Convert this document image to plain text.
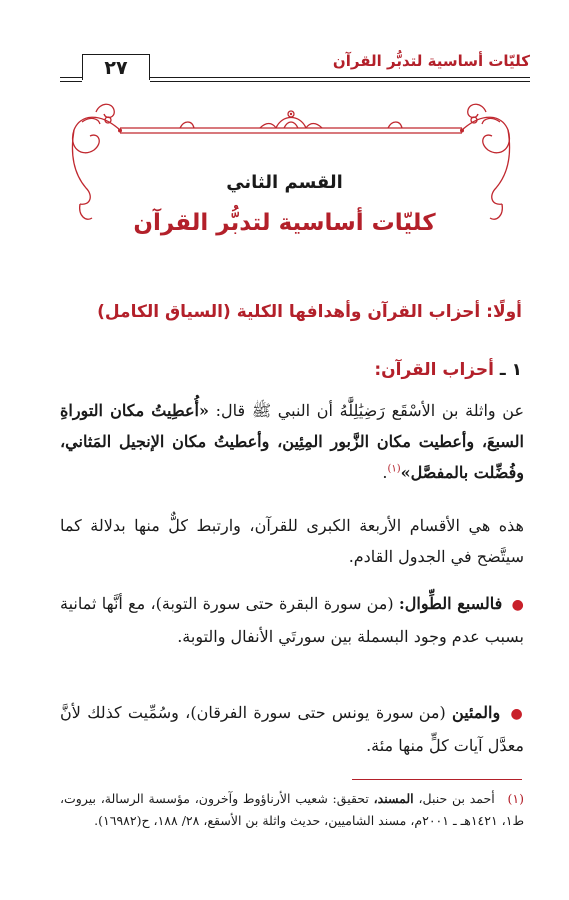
كليّات أساسية لتدبُّر القرآن
٢٧
القسم الثاني
كليّات أساسية لتدبُّر القرآن
أولًا: أحزاب القرآن وأهدافها الكلية (السياق الكامل)
١ ـ أحزاب القرآن:
عن واثلة بن الأسْقَع رَضِيَٰلِلَّٰهُ أن النبي ﷺ قال: «أُعطِيتُ مكان التوراةِ السبعَ، وأعطيت مكان الزَّبور المِئِين، وأعطيتُ مكان الإنجيل المَثاني، وفُضِّلت بالمفصَّل»$^{(١)}$.
هذه هي الأقسام الأربعة الكبرى للقرآن، وارتبط كلٌّ منها بدلالة كما سيتَّضح في الجدول القادم.
● فالسبع الطِّوال: (من سورة البقرة حتى سورة التوبة)، مع أنَّها ثمانية بسبب عدم وجود البسملة بين سورتَي الأنفال والتوبة.
● والمئين (من سورة يونس حتى سورة الفرقان)، وسُمِّيت كذلك لأنَّ معدَّل آيات كلٍّ منها مئة.
(١) أحمد بن حنبل، المسند، تحقيق: شعيب الأرناؤوط وآخرون، مؤسسة الرسالة، بيروت، ط١، ١٤٢١هـ ـ ٢٠٠١م، مسند الشاميين، حديث واثلة بن الأسقع، ٢٨/ ١٨٨، ح(١٦٩٨٢).
